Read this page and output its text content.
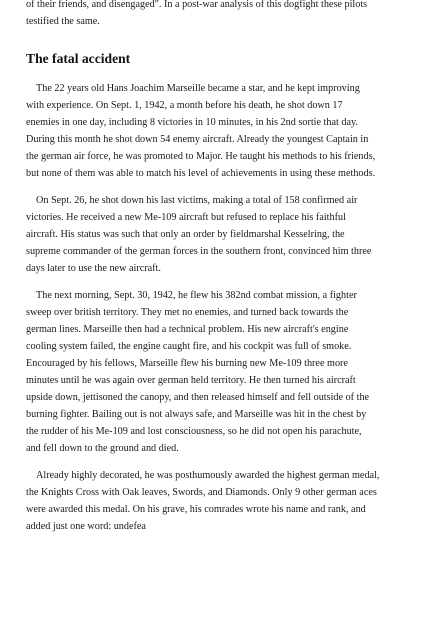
of their friends, and disengaged". In a post-war analysis of this dogfight these pilots
testified the same.

The fatal accident

The 22 years old Hans Joachim Marseille became a star, and he kept improving
with experience. On Sept. 1, 1942, a month before his death, he shot down 17
enemies in one day, including 8 victories in 10 minutes, in his 2nd sortie that day.
During this month he shot down 54 enemy aircraft. Already the youngest Captain in
the german air force, he was promoted to Major. He taught his methods to his friends,
but none of them was able to match his level of achievements in using these methods.

On Sept. 26, he shot down his last victims, making a total of 158 confirmed air
victories. He received a new Me-109 aircraft but refused to replace his faithful
aircraft. His status was such that only an order by fieldmarshal Kesselring, the
supreme commander of the german forces in the southern front, convinced him three
days later to use the new aircraft.

The next morning, Sept. 30, 1942, he flew his 382nd combat mission, a fighter
sweep over british territory. They met no enemies, and turned back towards the
german lines. Marseille then had a technical problem. His new aircraft's engine
cooling system failed, the engine caught fire, and his cockpit was full of smoke.
Encouraged by his fellows, Marseille flew his burning new Me-109 three more
minutes until he was again over german held territory. He then turned his aircraft
upside down, jettisoned the canopy, and then released himself and fell outside of the
burning fighter. Bailing out is not always safe, and Marseille was hit in the chest by
the rudder of his Me-109 and lost consciousness, so he did not open his parachute,
and fell down to the ground and died.

Already highly decorated, he was posthumously awarded the highest german medal,
the Knights Cross with Oak leaves, Swords, and Diamonds. Only 9 other german aces
were awarded this medal. On his grave, his comrades wrote his name and rank, and
added just one word: undefea
